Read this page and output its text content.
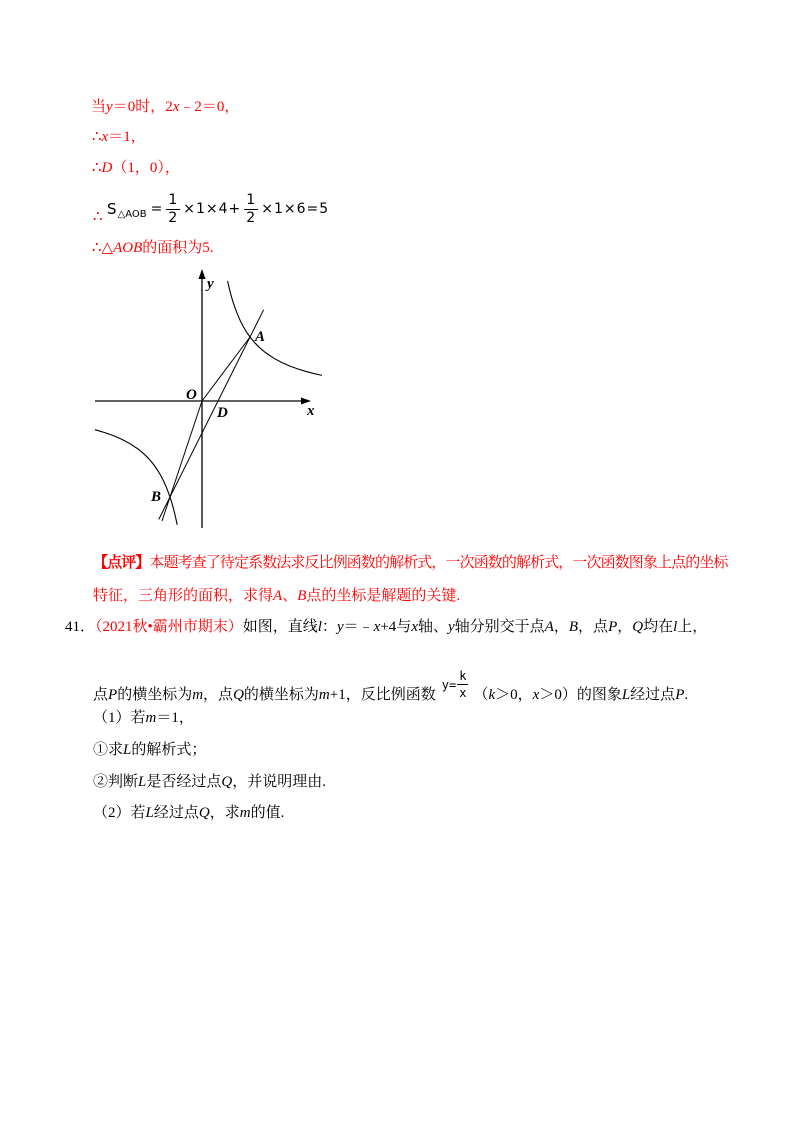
当y＝0时，2x﹣2＝0，
∴x＝1，
∴D（1，0），
∴ S △AOB = $\frac{1}{2} \times 1\times 4+ \frac{1}{2} \times 1\times 6=5$
∴△AOB的面积为5.
y
x
O
D
A
B
【点评】本题考查了待定系数法求反比例函数的解析式，一次函数的解析式，一次函数图象上点的坐标
特征，三角形的面积，求得A、B点的坐标是解题的关键.
41．（2021秋•霸州市期末）如图，直线l：y＝﹣x+4与x轴、y轴分别交于点A，B，点P，Q均在l上，
点P的横坐标为m，点Q的横坐标为m+1，反比例函数
$y = \frac{k}{x} (k>0$，x＞0）的图象L经过点P.
（1）若m＝1，
①求L的解析式；
②判断L是否经过点Q，并说明理由.
（2）若L经过点Q，求m的值.
